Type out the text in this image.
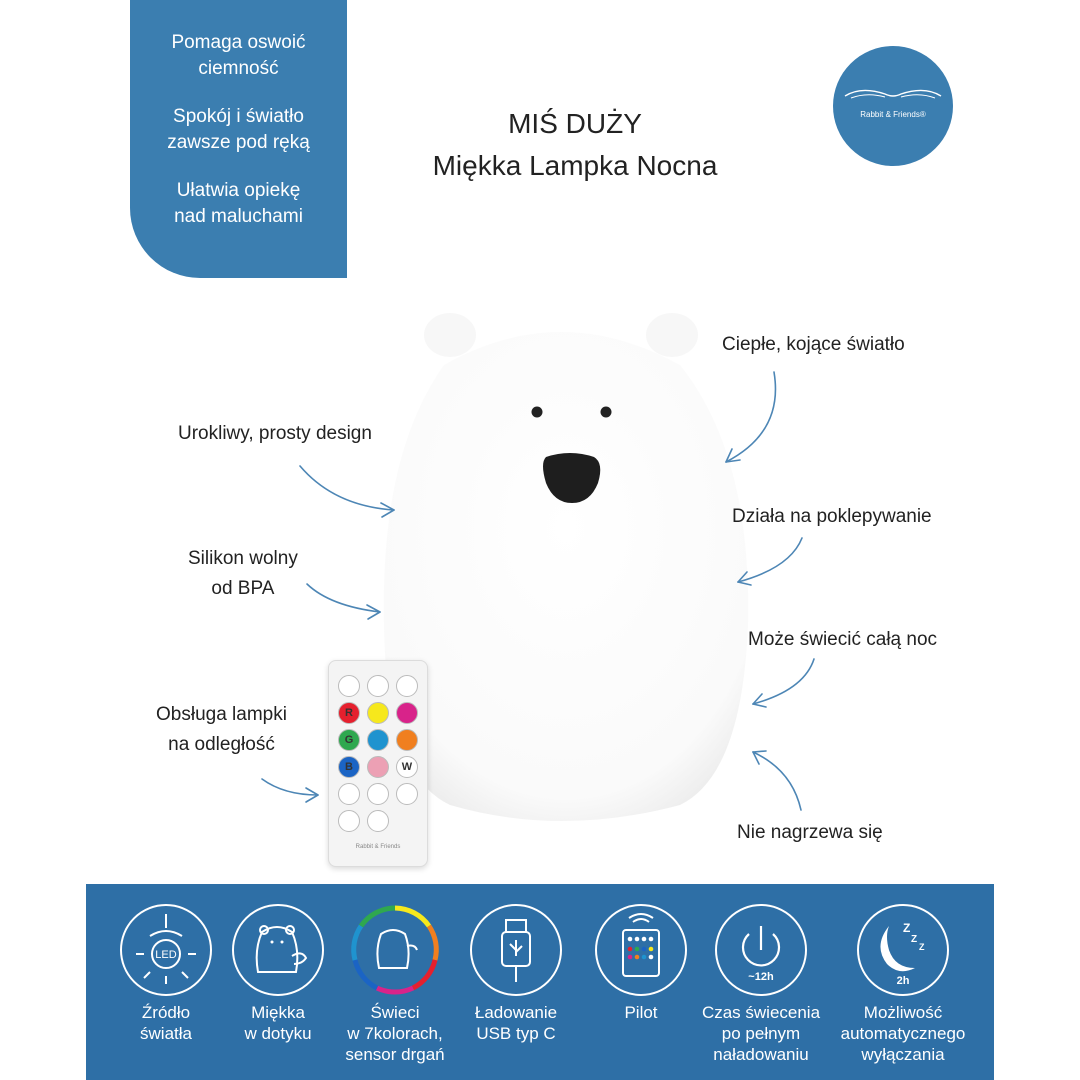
Pomaga oswoić
ciemność
Spokój i światło
zawsze pod ręką
Ułatwia opiekę
nad maluchami
Rabbit & Friends®
MIŚ DUŻY
Miękka Lampka Nocna
R
G
B	W
Rabbit & Friends
Ciepłe, kojące światło
Urokliwy, prosty design
Działa na poklepywanie
Silikon wolny
od BPA
Może świecić całą noc
Obsługa lampki
na odległość
Nie nagrzewa się
LED
Źródło
światła
Miękka
w dotyku
Świeci
w 7kolorach,
sensor drgań
Ładowanie
USB typ C
Pilot
~12h
Czas świecenia
po pełnym
naładowaniu
Z
Z
Z
2h
Możliwość
automatycznego
wyłączania
